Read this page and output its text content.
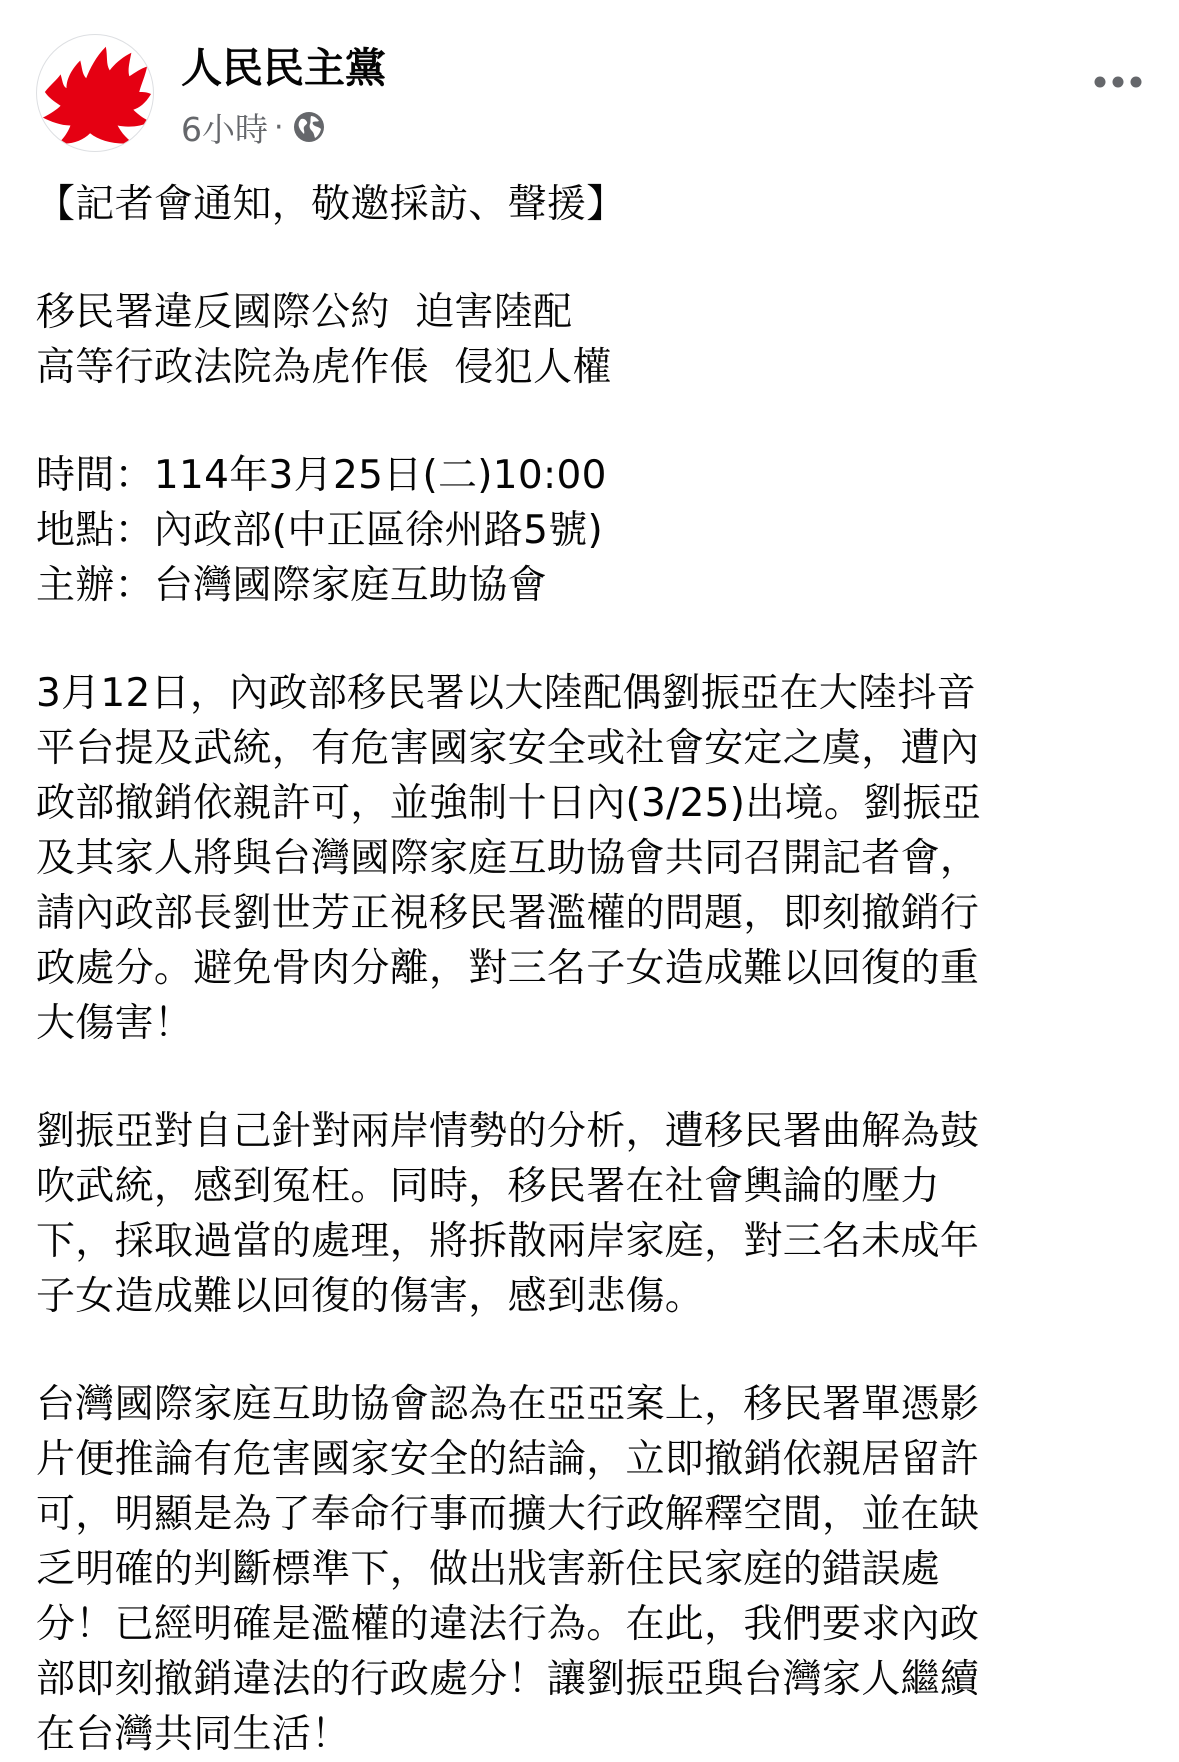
人民民主黨
6小時 ·
【記者會通知，敬邀採訪、聲援】
移民署違反國際公約  迫害陸配
高等行政法院為虎作倀  侵犯人權
時間：114年3月25日(二)10:00
地點：內政部(中正區徐州路5號)
主辦：台灣國際家庭互助協會
3月12日，內政部移民署以大陸配偶劉振亞在大陸抖音
平台提及武統，有危害國家安全或社會安定之虞，遭內
政部撤銷依親許可，並強制十日內(3/25)出境。劉振亞
及其家人將與台灣國際家庭互助協會共同召開記者會，
請內政部長劉世芳正視移民署濫權的問題，即刻撤銷行
政處分。避免骨肉分離，對三名子女造成難以回復的重
大傷害！
劉振亞對自己針對兩岸情勢的分析，遭移民署曲解為鼓
吹武統，感到冤枉。同時，移民署在社會輿論的壓力
下，採取過當的處理，將拆散兩岸家庭，對三名未成年
子女造成難以回復的傷害，感到悲傷。
台灣國際家庭互助協會認為在亞亞案上，移民署單憑影
片便推論有危害國家安全的結論，立即撤銷依親居留許
可，明顯是為了奉命行事而擴大行政解釋空間，並在缺
乏明確的判斷標準下，做出戕害新住民家庭的錯誤處
分！已經明確是濫權的違法行為。在此，我們要求內政
部即刻撤銷違法的行政處分！讓劉振亞與台灣家人繼續
在台灣共同生活！
